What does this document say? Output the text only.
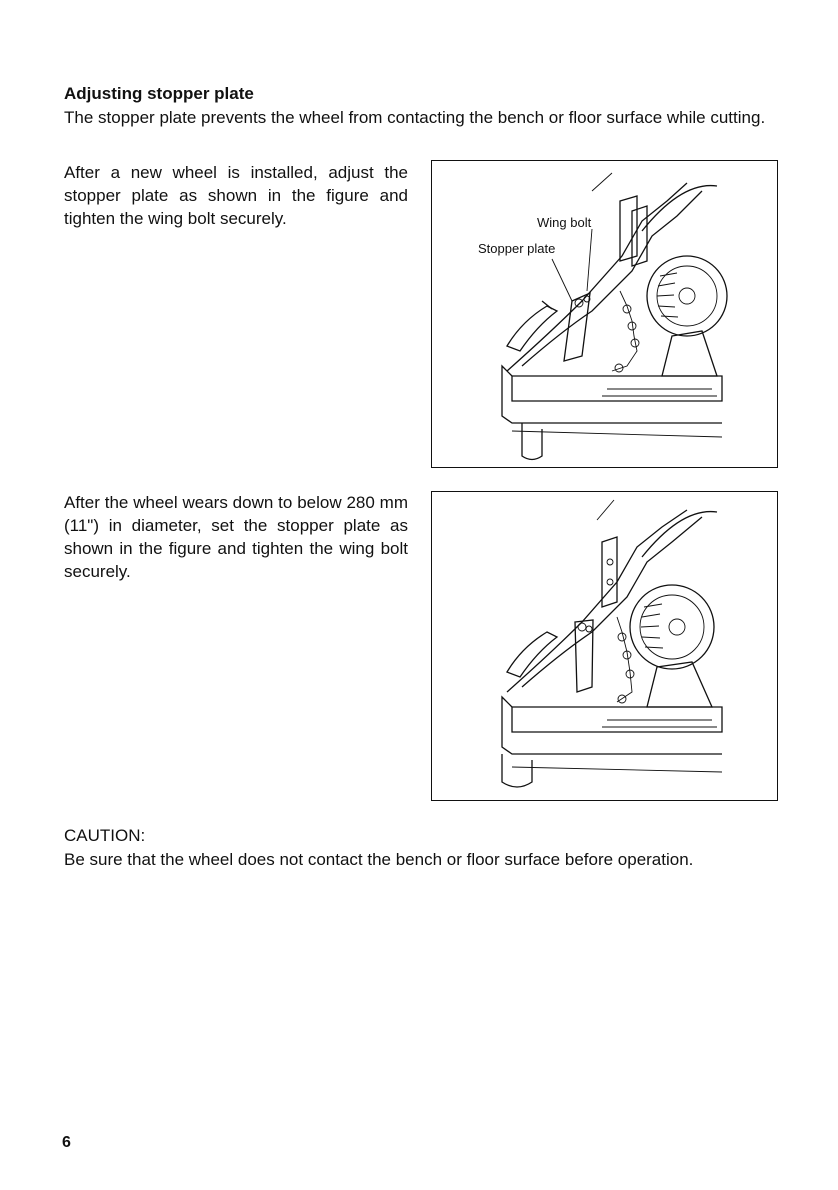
Adjusting stopper plate
The stopper plate prevents the wheel from contacting the bench or floor surface while cutting.
After a new wheel is installed, adjust the stopper plate as shown in the figure and tighten the wing bolt securely.	Wing bolt
Stopper plate
After the wheel wears down to below 280 mm (11") in diameter, set the stopper plate as shown in the figure and tighten the wing bolt securely.
CAUTION:
Be sure that the wheel does not contact the bench or floor surface before operation.
6
